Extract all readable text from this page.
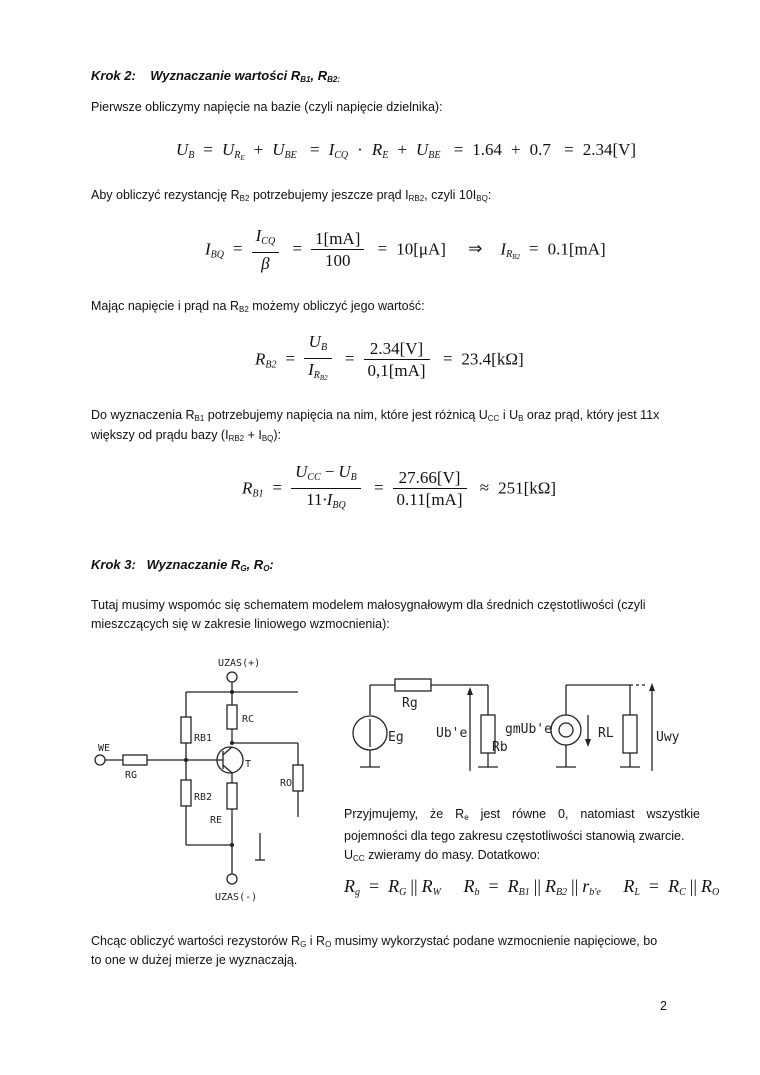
Krok 2: Wyznaczanie wartości $R_{B1}$, $R_{B2:}$
Pierwsze obliczymy napięcie na bazie (czyli napięcie dzielnika):
UB = $UR_E$ + UBE = ICQ · RE + UBE = 1.64 + 0.7 = 2.34[V]
Aby obliczyć rezystancję $R_{B2}$ potrzebujemy jeszcze prąd $I_{RB2}$, czyli $10I_{BQ}$:
IBQ = $\frac{\text{ICQ}}{\beta} = \frac{1[mA]}{100} = 10[\mu A]$ ⇒ $IR_{B2} = 0.1[mA]$
Mając napięcie i prąd na $R_{B2}$ możemy obliczyć jego wartość:
$RB2 = \frac{UB}{IR_{B2}} = \frac{2.34[V]}{0,1[mA]} = 23.4[k\Omega]$
Do wyznaczenia $R_{B1}$ potrzebujemy napięcia na nim, które jest różnicą $U_{CC}$ i $U_B$ oraz prąd, który jest 11x
większy od prądu bazy $(I_{RB2} + I_{BQ})$:
$RB1 = \frac{\text{UCC − UB}}{\text{11·IBQ}} = \frac{27.66[V]}{0.11[mA]} \approx 251[k\Omega]$
Krok 3: Wyznaczanie $R_G$, $R_O$:
Tutaj musimy wspomóc się schematem modelem małosygnałowym dla średnich częstotliwości (czyli
mieszczących się w zakresie liniowego wzmocnienia):
UZAS(+)
RB1
RC
RO
WE
RG
T
RB2
RE
UZAS(-)
Rg
Eg Ub'e
Rb
gmUb'e	RL	Uwy
Przyjmujemy, że $R_e$ jest równe 0, natomiast wszystkie
pojemności dla tego zakresu częstotliwości stanowią zwarcie.
$U_{CC}$ zwieramy do masy. Dotatkowo:
Rg = RG || RW Rb = RB1 || RB2 || rb'e RL = RC || RO
Chcąc obliczyć wartości rezystorów $R_G$ i $R_O$ musimy wykorzystać podane wzmocnienie napięciowe, bo
to one w dużej mierze je wyznaczają.
2
